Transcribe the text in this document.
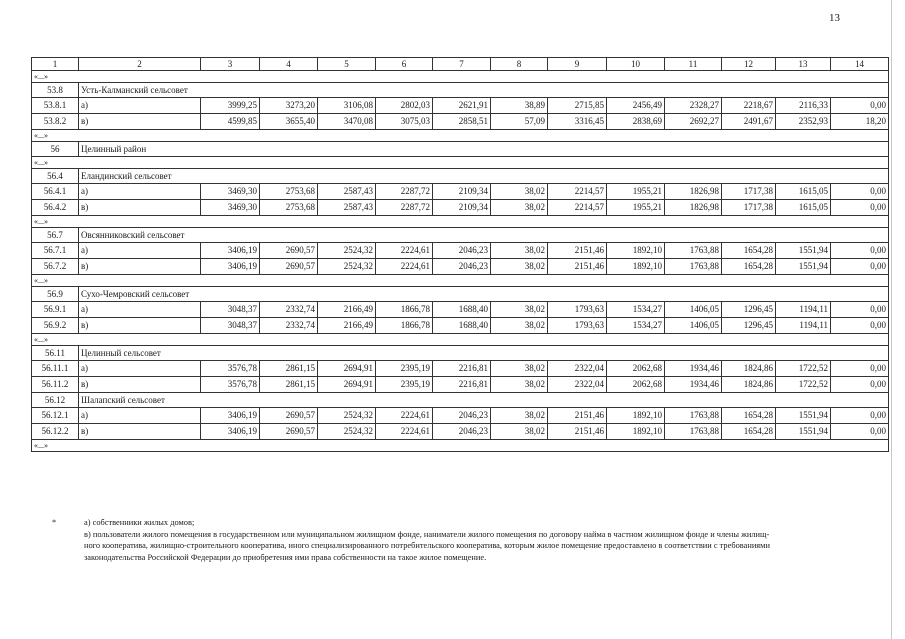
13
1	2	3	4	5	6	7	8	9	10	11	12	13	14
«...»													
53.8	Усть-Калманский сельсовет												
53.8.1	а)	3999,25	3273,20	3106,08	2802,03	2621,91	38,89	2715,85	2456,49	2328,27	2218,67	2116,33	0,00
53.8.2	в)	4599,85	3655,40	3470,08	3075,03	2858,51	57,09	3316,45	2838,69	2692,27	2491,67	2352,93	18,20
«...»													
56	Целинный район												
«...»													
56.4	Еландинский сельсовет												
56.4.1	а)	3469,30	2753,68	2587,43	2287,72	2109,34	38,02	2214,57	1955,21	1826,98	1717,38	1615,05	0,00
56.4.2	в)	3469,30	2753,68	2587,43	2287,72	2109,34	38,02	2214,57	1955,21	1826,98	1717,38	1615,05	0,00
«...»													
56.7	Овсянниковский сельсовет												
56.7.1	а)	3406,19	2690,57	2524,32	2224,61	2046,23	38,02	2151,46	1892,10	1763,88	1654,28	1551,94	0,00
56.7.2	в)	3406,19	2690,57	2524,32	2224,61	2046,23	38,02	2151,46	1892,10	1763,88	1654,28	1551,94	0,00
«...»													
56.9	Сухо-Чемровский сельсовет												
56.9.1	а)	3048,37	2332,74	2166,49	1866,78	1688,40	38,02	1793,63	1534,27	1406,05	1296,45	1194,11	0,00
56.9.2	в)	3048,37	2332,74	2166,49	1866,78	1688,40	38,02	1793,63	1534,27	1406,05	1296,45	1194,11	0,00
«...»													
56.11	Целинный сельсовет												
56.11.1	а)	3576,78	2861,15	2694,91	2395,19	2216,81	38,02	2322,04	2062,68	1934,46	1824,86	1722,52	0,00
56.11.2	в)	3576,78	2861,15	2694,91	2395,19	2216,81	38,02	2322,04	2062,68	1934,46	1824,86	1722,52	0,00
56.12	Шалапский сельсовет												
56.12.1	а)	3406,19	2690,57	2524,32	2224,61	2046,23	38,02	2151,46	1892,10	1763,88	1654,28	1551,94	0,00
56.12.2	в)	3406,19	2690,57	2524,32	2224,61	2046,23	38,02	2151,46	1892,10	1763,88	1654,28	1551,94	0,00
«...»													
*	а) собственники жилых домов;
в) пользователи жилого помещения в государственном или муниципальном жилищном фонде, наниматели жилого помещения по договору найма в частном жилищном фонде и члены жилищ-
ного кооператива, жилищно-строительного кооператива, иного специализированного потребительского кооператива, которым жилое помещение предоставлено в соответствии с требованиями
законодательства Российской Федерации до приобретения ими права собственности на такое жилое помещение.
